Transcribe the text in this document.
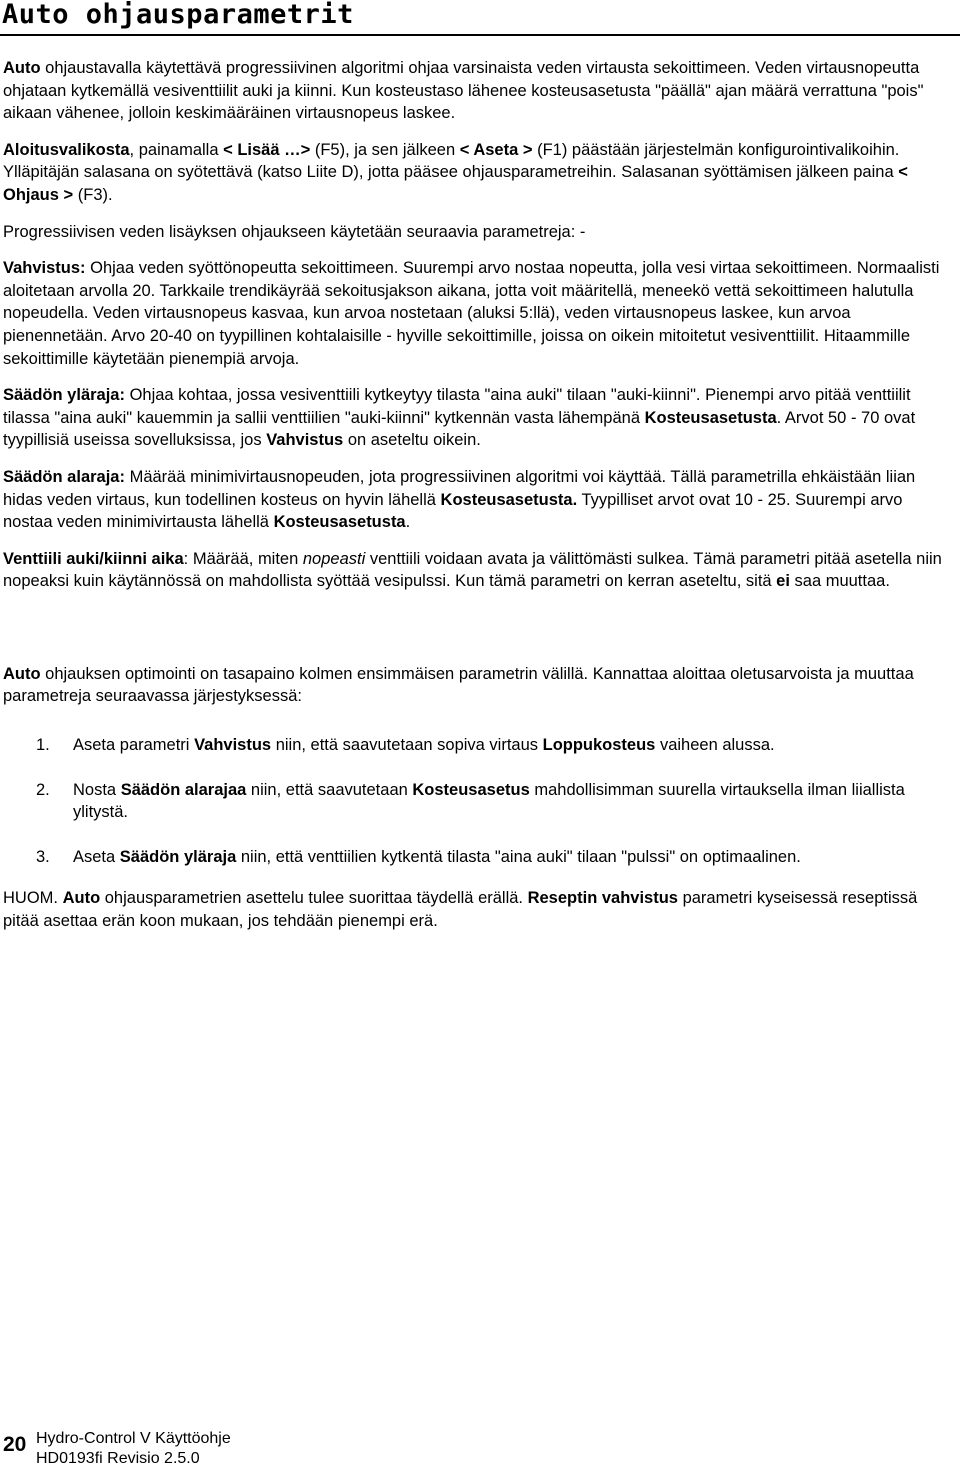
Auto ohjausparametrit

Auto ohjaustavalla käytettävä progressiivinen algoritmi ohjaa varsinaista veden virtausta sekoittimeen. Veden virtausnopeutta ohjataan kytkemällä vesiventtiilit auki ja kiinni. Kun kosteustaso lähenee kosteusasetusta "päällä" ajan määrä verrattuna "pois" aikaan vähenee, jolloin keskimääräinen virtausnopeus laskee.

Aloitusvalikosta, painamalla < Lisää …> (F5), ja sen jälkeen < Aseta > (F1) päästään järjestelmän konfigurointivalikoihin. Ylläpitäjän salasana on syötettävä (katso Liite D), jotta pääsee ohjausparametreihin. Salasanan syöttämisen jälkeen paina < Ohjaus > (F3).

Progressiivisen veden lisäyksen ohjaukseen käytetään seuraavia parametreja: -

Vahvistus: Ohjaa veden syöttönopeutta sekoittimeen. Suurempi arvo nostaa nopeutta, jolla vesi virtaa sekoittimeen. Normaalisti aloitetaan arvolla 20. Tarkkaile trendikäyrää sekoitusjakson aikana, jotta voit määritellä, meneekö vettä sekoittimeen halutulla nopeudella. Veden virtausnopeus kasvaa, kun arvoa nostetaan (aluksi 5:llä), veden virtausnopeus laskee, kun arvoa pienennetään. Arvo 20-40 on tyypillinen kohtalaisille - hyville sekoittimille, joissa on oikein mitoitetut vesiventtiilit. Hitaammille sekoittimille käytetään pienempiä arvoja.

Säädön yläraja: Ohjaa kohtaa, jossa vesiventtiili kytkeytyy tilasta "aina auki" tilaan "auki-kiinni". Pienempi arvo pitää venttiilit tilassa "aina auki" kauemmin ja sallii venttiilien "auki-kiinni" kytkennän vasta lähempänä Kosteusasetusta. Arvot 50 - 70 ovat tyypillisiä useissa sovelluksissa, jos Vahvistus on aseteltu oikein.

Säädön alaraja: Määrää minimivirtausnopeuden, jota progressiivinen algoritmi voi käyttää. Tällä parametrilla ehkäistään liian hidas veden virtaus, kun todellinen kosteus on hyvin lähellä Kosteusasetusta. Tyypilliset arvot ovat 10 - 25. Suurempi arvo nostaa veden minimivirtausta lähellä Kosteusasetusta.

Venttiili auki/kiinni aika: Määrää, miten nopeasti venttiili voidaan avata ja välittömästi sulkea. Tämä parametri pitää asetella niin nopeaksi kuin käytännössä on mahdollista syöttää vesipulssi. Kun tämä parametri on kerran aseteltu, sitä ei saa muuttaa.

Auto ohjauksen optimointi on tasapaino kolmen ensimmäisen parametrin välillä. Kannattaa aloittaa oletusarvoista ja muuttaa parametreja seuraavassa järjestyksessä:

1. Aseta parametri Vahvistus niin, että saavutetaan sopiva virtaus Loppukosteus vaiheen alussa.
2. Nosta Säädön alarajaa niin, että saavutetaan Kosteusasetus mahdollisimman suurella virtauksella ilman liiallista ylitystä.
3. Aseta Säädön yläraja niin, että venttiilien kytkentä tilasta "aina auki" tilaan "pulssi" on optimaalinen.

HUOM. Auto ohjausparametrien asettelu tulee suorittaa täydellä erällä. Reseptin vahvistus parametri kyseisessä reseptissä pitää asettaa erän koon mukaan, jos tehdään pienempi erä.

20 Hydro-Control V Käyttöohje
HD0193fi Revisio 2.5.0
